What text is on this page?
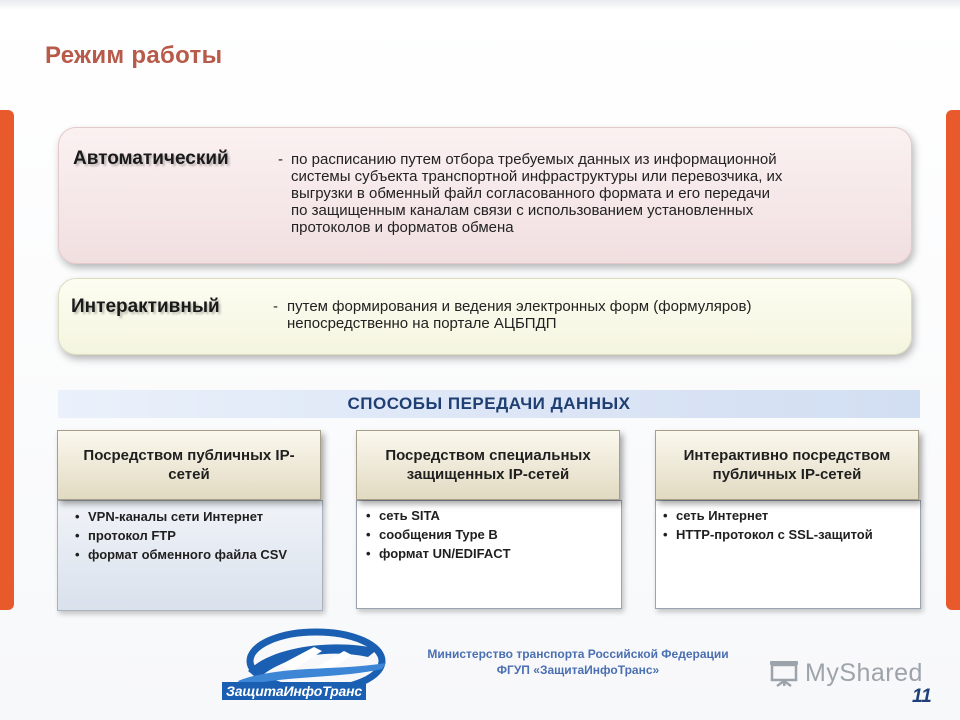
Режим работы
Автоматический	- по расписанию путем отбора требуемых данных из информационной
системы субъекта транспортной инфраструктуры или перевозчика, их
выгрузки в обменный файл согласованного формата и его передачи
по защищенным каналам связи с использованием установленных
протоколов и форматов обмена
Интерактивный	- путем формирования и ведения электронных форм (формуляров)
непосредственно на портале АЦБПДП
СПОСОБЫ ПЕРЕДАЧИ ДАННЫХ
Посредством публичных IP-сетей
• VPN-каналы сети Интернет
• протокол FTP
• формат обменного файла CSV
Посредством специальных защищенных IP-сетей
• сеть SITA
• сообщения Type B
• формат UN/EDIFACT
Интерактивно посредством публичных IP-сетей
• сеть Интернет
• HTTP-протокол с SSL-защитой
ЗащитаИнфоТранс
Министерство транспорта Российской Федерации
ФГУП «ЗащитаИнфоТранс»	MyShared
11
